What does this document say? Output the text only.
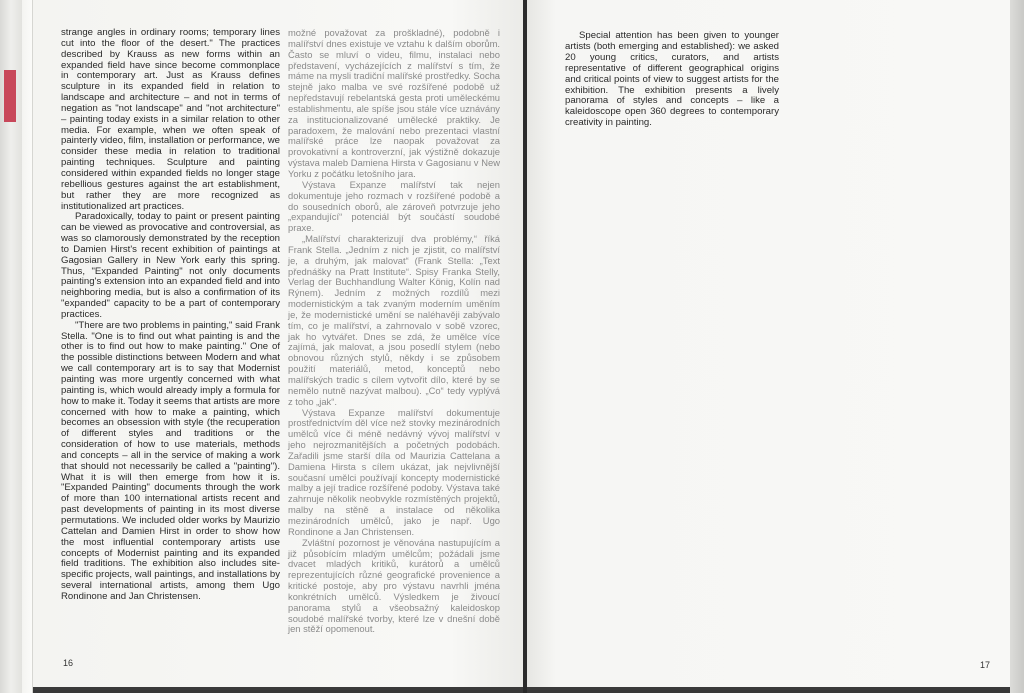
strange angles in ordinary rooms; temporary lines cut into the floor of the desert." The practices described by Krauss as new forms within an expanded field have since become commonplace in contemporary art. Just as Krauss defines sculpture in its expanded field in relation to landscape and architecture – and not in terms of negation as "not landscape" and "not architecture" – painting today exists in a similar relation to other media. For example, when we often speak of painterly video, film, installation or performance, we consider these media in relation to traditional painting techniques. Sculpture and painting considered within expanded fields no longer stage rebellious gestures against the art establishment, but rather they are more recognized as institutionalized art practices.

Paradoxically, today to paint or present painting can be viewed as provocative and controversial, as was so clamorously demonstrated by the reception to Damien Hirst's recent exhibition of paintings at Gagosian Gallery in New York early this spring. Thus, "Expanded Painting" not only documents painting's extension into an expanded field and into neighboring media, but is also a confirmation of its "expanded" capacity to be a part of contemporary practices.

"There are two problems in painting," said Frank Stella. "One is to find out what painting is and the other is to find out how to make painting." One of the possible distinctions between Modern and what we call contemporary art is to say that Modernist painting was more urgently concerned with what painting is, which would already imply a formula for how to make it. Today it seems that artists are more concerned with how to make a painting, which becomes an obsession with style (the recuperation of different styles and traditions or the consideration of how to use materials, methods and concepts – all in the service of making a work that should not necessarily be called a "painting"). What it is will then emerge from how it is. "Expanded Painting" documents through the work of more than 100 international artists recent and past developments of painting in its most diverse permutations. We included older works by Maurizio Cattelan and Damien Hirst in order to show how the most influential contemporary artists use concepts of Modernist painting and its expanded field traditions. The exhibition also includes site-specific projects, wall paintings, and installations by several international artists, among them Ugo Rondinone and Jan Christensen.

možné považovat za proškladné), podobně i malířství dnes existuje ve vztahu k dalším oborům. Často se mluví o videu, filmu, instalaci nebo představení, vycházejících z malířství s tím, že máme na mysli tradiční malířské prostředky. Socha stejně jako malba ve své rozšířené podobě už nepředstavují rebelantská gesta proti uměleckému establishmentu, ale spíše jsou stále více uznávány za institucionalizované umělecké praktiky. Je paradoxem, že malování nebo prezentaci vlastní malířské práce lze naopak považovat za provokativní a kontroverzní, jak výstižně dokazuje výstava maleb Damiena Hirsta v Gagosianu v New Yorku z počátku letošního jara.

Výstava Expanze malířství tak nejen dokumentuje jeho rozmach v rozšířené podobě a do sousedních oborů, ale zároveň potvrzuje jeho „expandující“ potenciál být součástí soudobé praxe.

„Malířství charakterizují dva problémy,“ říká Frank Stella. „Jedním z nich je zjistit, co malířství je, a druhým, jak malovat“ (Frank Stella: „Text přednášky na Pratt Institute“. Spisy Franka Stelly, Verlag der Buchhandlung Walter König, Kolín nad Rýnem). Jedním z možných rozdílů mezi modernistickým a tak zvaným moderním uměním je, že modernistické umění se naléhavěji zabývalo tím, co je malířství, a zahrnovalo v sobě vzorec, jak ho vytvářet. Dnes se zdá, že umělce více zajímá, jak malovat, a jsou posedlí stylem (nebo obnovou různých stylů, někdy i se způsobem použití materiálů, metod, konceptů nebo malířských tradic s cílem vytvořit dílo, které by se nemělo nutně nazývat malbou). „Co“ tedy vyplývá z toho „jak“.

Výstava Expanze malířství dokumentuje prostřednictvím děl více než stovky mezinárodních umělců více či méně nedávný vývoj malířství v jeho nejrozmanitějších a početných podobách. Zařadili jsme starší díla od Maurizia Cattelana a Damiena Hirsta s cílem ukázat, jak nejvlivnější současní umělci používají koncepty modernistické malby a její tradice rozšířené podoby. Výstava také zahrnuje několik neobvykle rozmístěných projektů, malby na stěně a instalace od několika mezinárodních umělců, jako je např. Ugo Rondinone a Jan Christensen.

Zvláštní pozornost je věnována nastupujícím a již působícím mladým umělcům; požádali jsme dvacet mladých kritiků, kurátorů a umělců reprezentujících různé geografické provenience a kritické postoje, aby pro výstavu navrhli jména konkrétních umělců. Výsledkem je živoucí panorama stylů a všeobsažný kaleidoskop soudobé malířské tvorby, které lze v dnešní době jen stěží opomenout.

16

Special attention has been given to younger artists (both emerging and established): we asked 20 young critics, curators, and artists representative of different geographical origins and critical points of view to suggest artists for the exhibition. The exhibition presents a lively panorama of styles and concepts – like a kaleidoscope open 360 degrees to contemporary creativity in painting.

17
